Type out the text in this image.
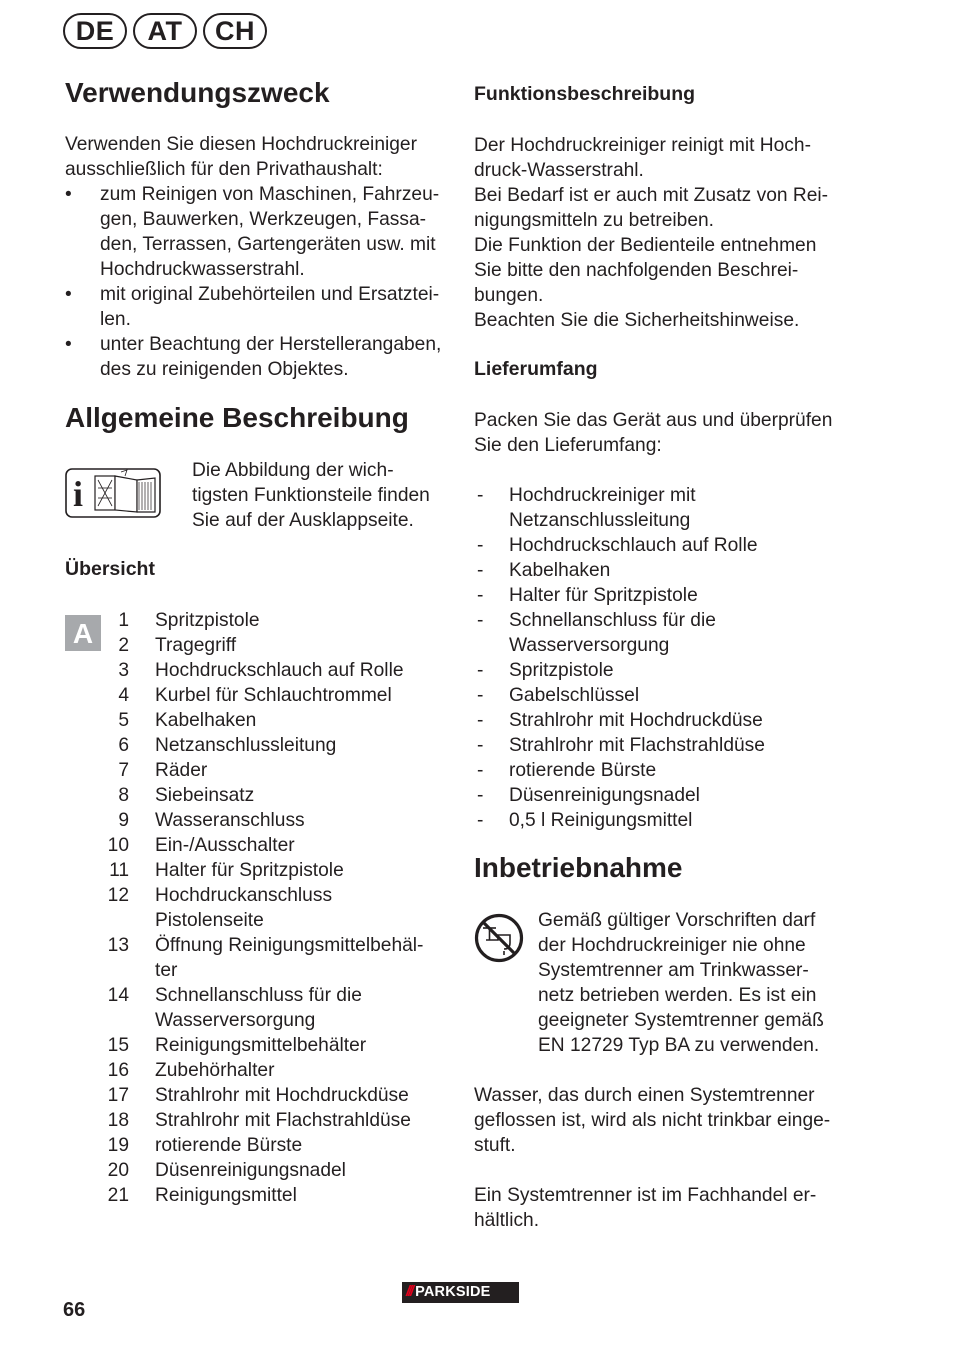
DE	AT	CH
Verwendungszweck

Verwenden Sie diesen Hochdruckreiniger

ausschließlich für den Privathaushalt:

• zum Reinigen von Maschinen, Fahrzeu-

gen, Bauwerken, Werkzeugen, Fassa-

den, Terrassen, Gartengeräten usw. mit

Hochdruckwasserstrahl.

• mit original Zubehörteilen und Ersatztei-

len.

• unter Beachtung der Herstellerangaben,

des zu reinigenden Objektes.

Allgemeine Beschreibung
i

Die Abbildung der wich-

tigsten Funktionsteile finden

Sie auf der Ausklappseite.

Übersicht
A	1	Spritzpistole
2	Tragegriff
3	Hochdruckschlauch auf Rolle
4	Kurbel für Schlauchtrommel
5	Kabelhaken
6	Netzanschlussleitung
7	Räder
8	Siebeinsatz
9	Wasseranschluss
10	Ein-/Ausschalter
11	Halter für Spritzpistole
12	Hochdruckanschluss
Pistolenseite
13	Öffnung Reinigungsmittelbehäl-
ter
14	Schnellanschluss für die
Wasserversorgung
15	Reinigungsmittelbehälter
16	Zubehörhalter
17	Strahlrohr mit Hochdruckdüse
18	Strahlrohr mit Flachstrahldüse
19	rotierende Bürste
20	Düsenreinigungsnadel
21	Reinigungsmittel
Funktionsbeschreibung

Der Hochdruckreiniger reinigt mit Hoch-

druck-Wasserstrahl.

Bei Bedarf ist er auch mit Zusatz von Rei-

nigungsmitteln zu betreiben.

Die Funktion der Bedienteile entnehmen

Sie bitte den nachfolgenden Beschrei-

bungen.

Beachten Sie die Sicherheitshinweise.

Lieferumfang

Packen Sie das Gerät aus und überprüfen

Sie den Lieferumfang:

- Hochdruckreiniger mit

Netzanschlussleitung

- Hochdruckschlauch auf Rolle

- Kabelhaken

- Halter für Spritzpistole

- Schnellanschluss für die

Wasserversorgung

- Spritzpistole

- Gabelschlüssel

- Strahlrohr mit Hochdruckdüse

- Strahlrohr mit Flachstrahldüse

- rotierende Bürste

- Düsenreinigungsnadel

- 0,5 l Reinigungsmittel

Inbetriebnahme

Gemäß gültiger Vorschriften darf

der Hochdruckreiniger nie ohne

Systemtrenner am Trinkwasser-

netz betrieben werden. Es ist ein

geeigneter Systemtrenner gemäß

EN 12729 Typ BA zu verwenden.

Wasser, das durch einen Systemtrenner

geflossen ist, wird als nicht trinkbar einge-

stuft.

Ein Systemtrenner ist im Fachhandel er-

hältlich.

/// PARKSIDE
66
